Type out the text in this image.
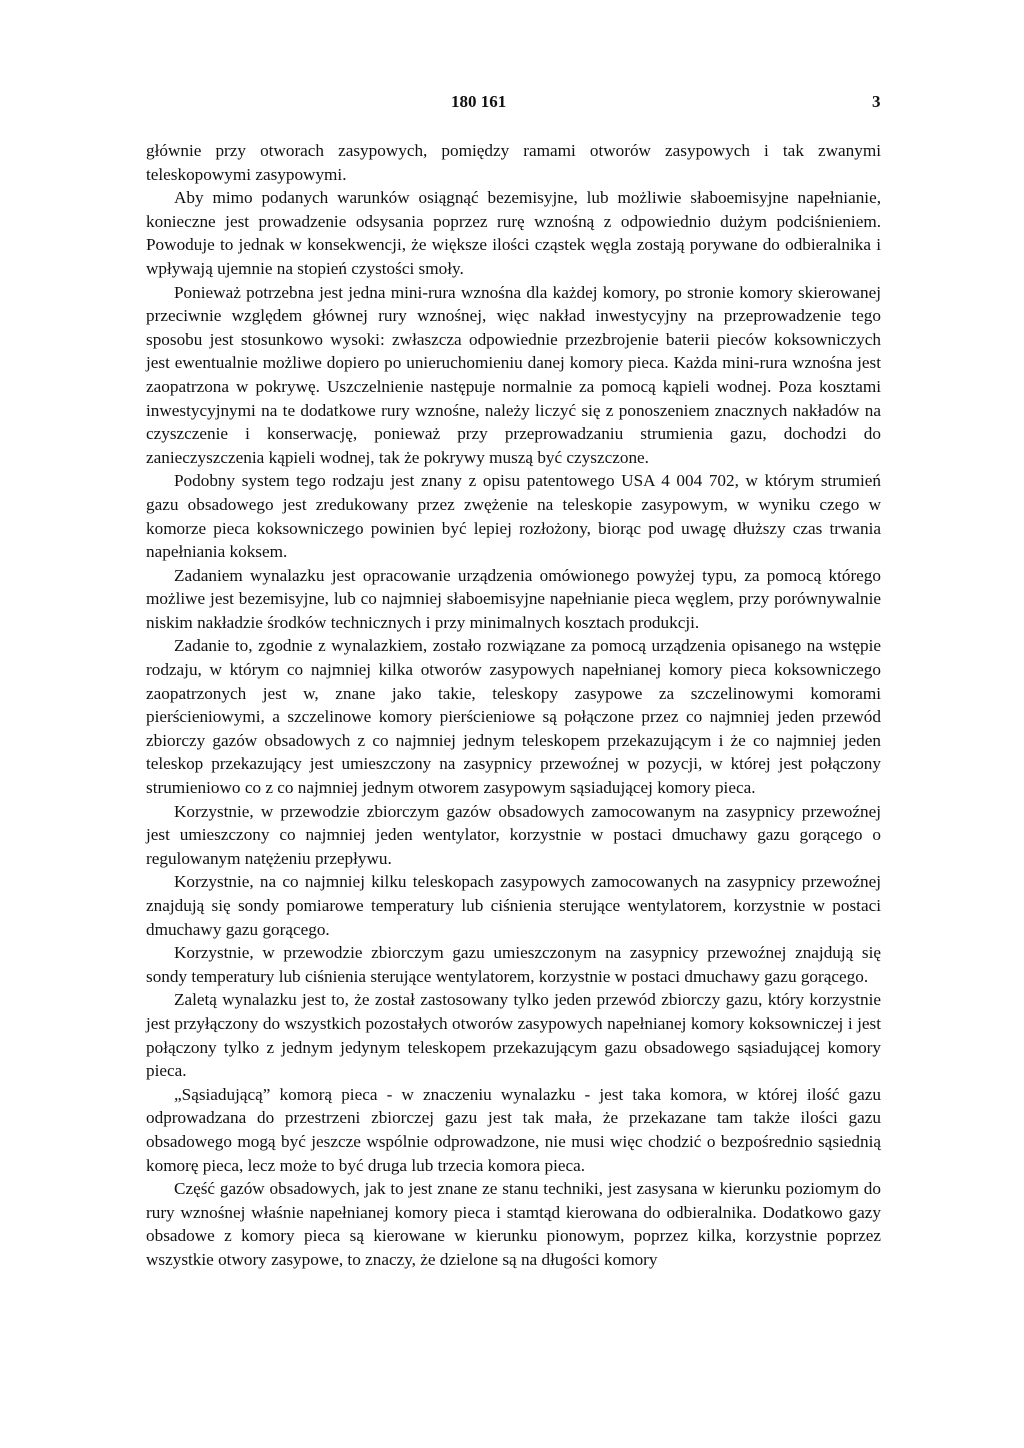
180 161	3

głównie przy otworach zasypowych, pomiędzy ramami otworów zasypowych i tak zwanymi teleskopowymi zasypowymi.

Aby mimo podanych warunków osiągnąć bezemisyjne, lub możliwie słaboemisyjne napełnianie, konieczne jest prowadzenie odsysania poprzez rurę wznośną z odpowiednio dużym podciśnieniem. Powoduje to jednak w konsekwencji, że większe ilości cząstek węgla zostają porywane do odbieralnika i wpływają ujemnie na stopień czystości smoły.

Ponieważ potrzebna jest jedna mini-rura wznośna dla każdej komory, po stronie komory skierowanej przeciwnie względem głównej rury wznośnej, więc nakład inwestycyjny na przeprowadzenie tego sposobu jest stosunkowo wysoki: zwłaszcza odpowiednie przezbrojenie baterii pieców koksowniczych jest ewentualnie możliwe dopiero po unieruchomieniu danej komory pieca. Każda mini-rura wznośna jest zaopatrzona w pokrywę. Uszczelnienie następuje normalnie za pomocą kąpieli wodnej. Poza kosztami inwestycyjnymi na te dodatkowe rury wznośne, należy liczyć się z ponoszeniem znacznych nakładów na czyszczenie i konserwację, ponieważ przy przeprowadzaniu strumienia gazu, dochodzi do zanieczyszczenia kąpieli wodnej, tak że pokrywy muszą być czyszczone.

Podobny system tego rodzaju jest znany z opisu patentowego USA 4 004 702, w którym strumień gazu obsadowego jest zredukowany przez zwężenie na teleskopie zasypowym, w wyniku czego w komorze pieca koksowniczego powinien być lepiej rozłożony, biorąc pod uwagę dłuższy czas trwania napełniania koksem.

Zadaniem wynalazku jest opracowanie urządzenia omówionego powyżej typu, za pomocą którego możliwe jest bezemisyjne, lub co najmniej słaboemisyjne napełnianie pieca węglem, przy porównywalnie niskim nakładzie środków technicznych i przy minimalnych kosztach produkcji.

Zadanie to, zgodnie z wynalazkiem, zostało rozwiązane za pomocą urządzenia opisanego na wstępie rodzaju, w którym co najmniej kilka otworów zasypowych napełnianej komory pieca koksowniczego zaopatrzonych jest w, znane jako takie, teleskopy zasypowe za szczelinowymi komorami pierścieniowymi, a szczelinowe komory pierścieniowe są połączone przez co najmniej jeden przewód zbiorczy gazów obsadowych z co najmniej jednym teleskopem przekazującym i że co najmniej jeden teleskop przekazujący jest umieszczony na zasypnicy przewoźnej w pozycji, w której jest połączony strumieniowo co z co najmniej jednym otworem zasypowym sąsiadującej komory pieca.

Korzystnie, w przewodzie zbiorczym gazów obsadowych zamocowanym na zasypnicy przewoźnej jest umieszczony co najmniej jeden wentylator, korzystnie w postaci dmuchawy gazu gorącego o regulowanym natężeniu przepływu.

Korzystnie, na co najmniej kilku teleskopach zasypowych zamocowanych na zasypnicy przewoźnej znajdują się sondy pomiarowe temperatury lub ciśnienia sterujące wentylatorem, korzystnie w postaci dmuchawy gazu gorącego.

Korzystnie, w przewodzie zbiorczym gazu umieszczonym na zasypnicy przewoźnej znajdują się sondy temperatury lub ciśnienia sterujące wentylatorem, korzystnie w postaci dmuchawy gazu gorącego.

Zaletą wynalazku jest to, że został zastosowany tylko jeden przewód zbiorczy gazu, który korzystnie jest przyłączony do wszystkich pozostałych otworów zasypowych napełnianej komory koksowniczej i jest połączony tylko z jednym jedynym teleskopem przekazującym gazu obsadowego sąsiadującej komory pieca.

„Sąsiadującą” komorą pieca - w znaczeniu wynalazku - jest taka komora, w której ilość gazu odprowadzana do przestrzeni zbiorczej gazu jest tak mała, że przekazane tam także ilości gazu obsadowego mogą być jeszcze wspólnie odprowadzone, nie musi więc chodzić o bezpośrednio sąsiednią komorę pieca, lecz może to być druga lub trzecia komora pieca.

Część gazów obsadowych, jak to jest znane ze stanu techniki, jest zasysana w kierunku poziomym do rury wznośnej właśnie napełnianej komory pieca i stamtąd kierowana do odbieralnika. Dodatkowo gazy obsadowe z komory pieca są kierowane w kierunku pionowym, poprzez kilka, korzystnie poprzez wszystkie otwory zasypowe, to znaczy, że dzielone są na długości komory
